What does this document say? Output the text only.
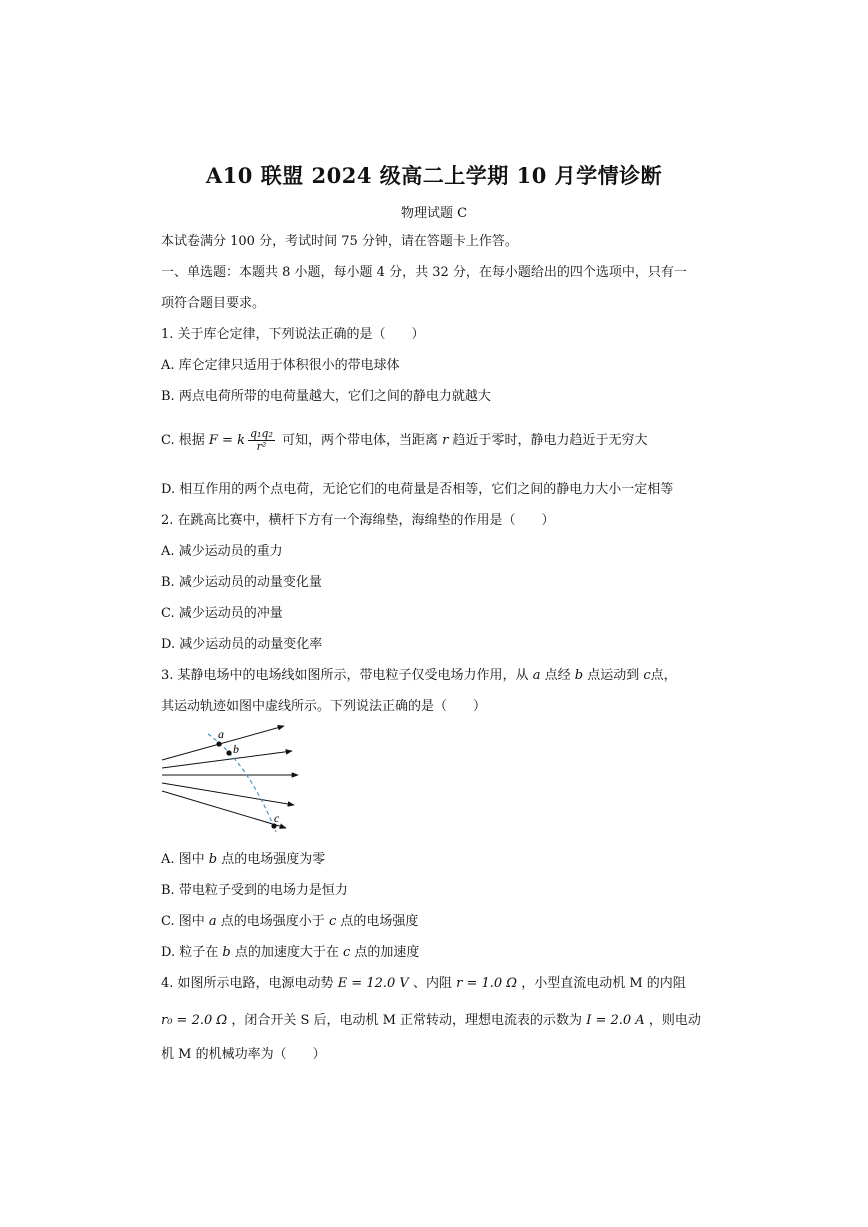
A10 联盟 2024 级高二上学期 10 月学情诊断
物理试题 C
本试卷满分 100 分，考试时间 75 分钟，请在答题卡上作答。
一、单选题：本题共 8 小题，每小题 4 分，共 32 分，在每小题给出的四个选项中，只有一
项符合题目要求。
1. 关于库仑定律，下列说法正确的是（　　）
A. 库仑定律只适用于体积很小的带电球体
B. 两点电荷所带的电荷量越大，它们之间的静电力就越大
C. 根据 F = k $\frac{\text{q₁q₂}}{\text{r²}}$ 可知，两个带电体，当距离 r 趋近于零时，静电力趋近于无穷大
D. 相互作用的两个点电荷，无论它们的电荷量是否相等，它们之间的静电力大小一定相等
2. 在跳高比赛中，横杆下方有一个海绵垫，海绵垫的作用是（　　）
A. 减少运动员的重力
B. 减少运动员的动量变化量
C. 减少运动员的冲量
D. 减少运动员的动量变化率
3. 某静电场中的电场线如图所示，带电粒子仅受电场力作用，从 a 点经 b 点运动到 c点，
其运动轨迹如图中虚线所示。下列说法正确的是（　　）
a
b
c
A. 图中 b 点的电场强度为零
B. 带电粒子受到的电场力是恒力
C. 图中 a 点的电场强度小于 c 点的电场强度
D. 粒子在 b 点的加速度大于在 c 点的加速度
4. 如图所示电路，电源电动势 E = 12.0 V 、内阻 r = 1.0 Ω ，小型直流电动机 M 的内阻
r₀ = 2.0 Ω ，闭合开关 S 后，电动机 M 正常转动，理想电流表的示数为 I = 2.0 A ，则电动
机 M 的机械功率为（　　）
